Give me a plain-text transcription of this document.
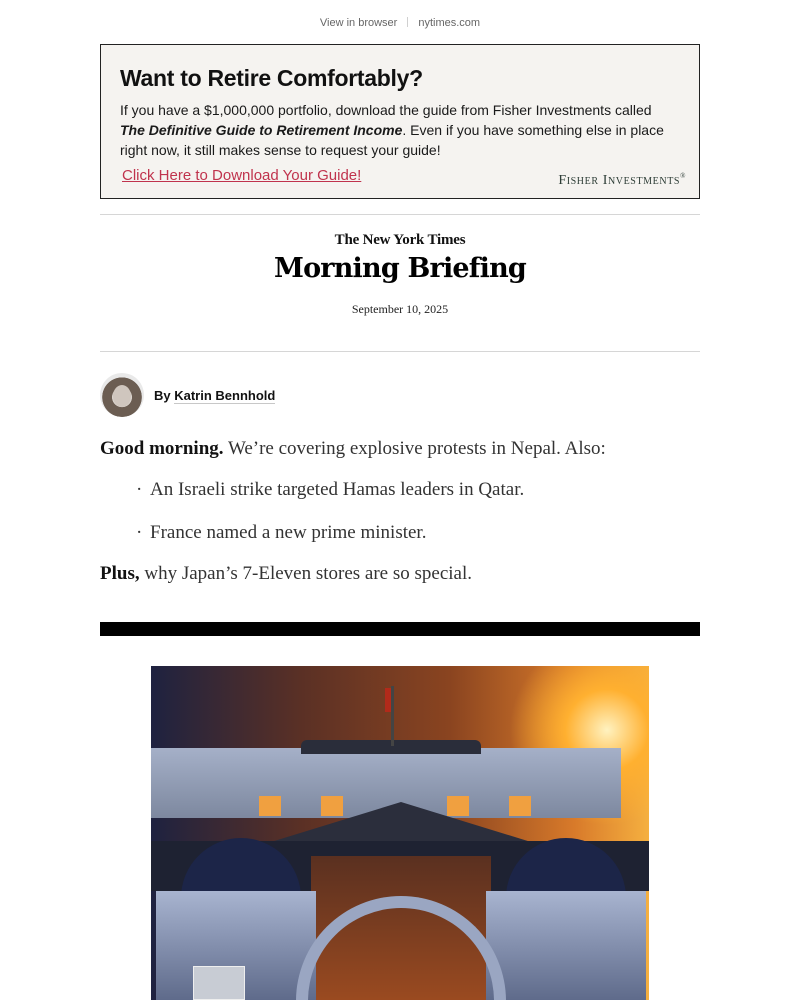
View in browser nytimes.com
Want to Retire Comfortably?
If you have a $1,000,000 portfolio, download the guide from Fisher Investments called The Definitive Guide to Retirement Income. Even if you have something else in place right now, it still makes sense to request your guide!
Click Here to Download Your Guide!	Fisher Investments®
The New York Times
Morning Briefing
September 10, 2025
By Katrin Bennhold

Good morning. We’re covering explosive protests in Nepal. Also:

· An Israeli strike targeted Hamas leaders in Qatar.
· France named a new prime minister.

Plus, why Japan’s 7-Eleven stores are so special.
